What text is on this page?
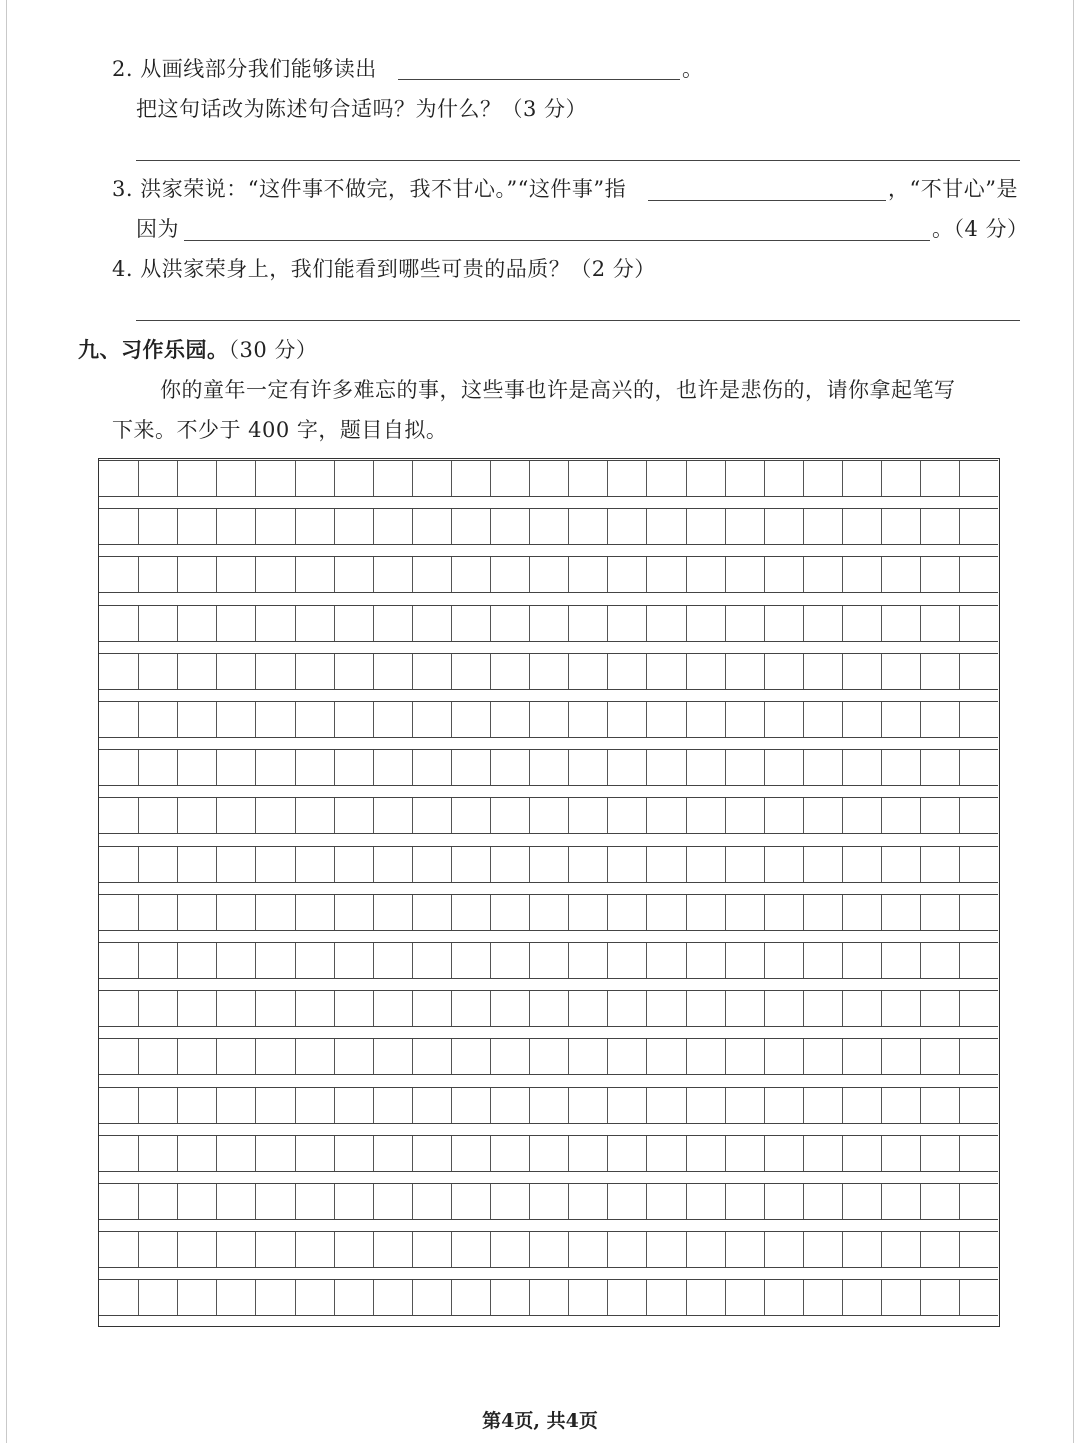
2. 从画线部分我们能够读出	。
把这句话改为陈述句合适吗？为什么？（3 分）
3. 洪家荣说：“这件事不做完，我不甘心。”“这件事”指	，“不甘心”是
因为	。（4 分）
4. 从洪家荣身上，我们能看到哪些可贵的品质？（2 分）
九、习作乐园。（30 分）
你的童年一定有许多难忘的事，这些事也许是高兴的，也许是悲伤的，请你拿起笔写
下来。不少于 400 字，题目自拟。
第4页, 共4页
